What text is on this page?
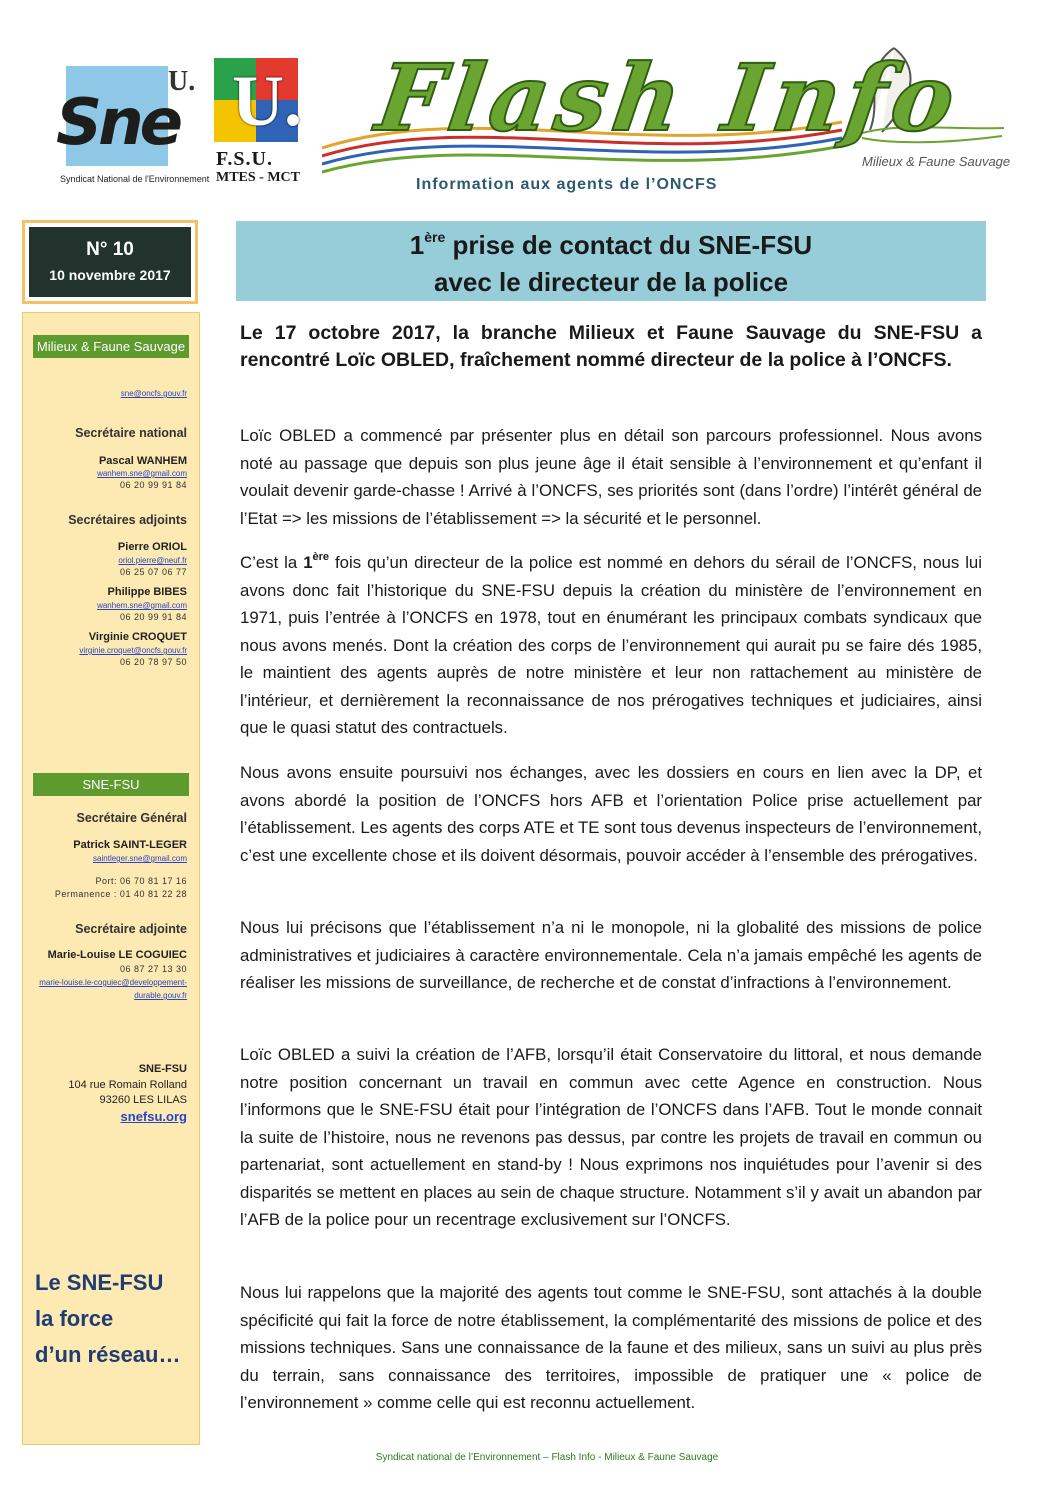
Sne
U.
Syndicat National de l'Environnement
U.
F.S.U.
MTES - MCT
Flash Info
Milieux & Faune Sauvage
Information aux agents de l’ONCFS
N° 10
10 novembre 2017
Milieux & Faune Sauvage
sne@oncfs.gouv.fr
Secrétaire national
Pascal WANHEM
wanhem.sne@gmail.com
06 20 99 91 84
Secrétaires adjoints
Pierre ORIOL
oriol.pierre@neuf.fr
06 25 07 06 77
Philippe BIBES
wanhem.sne@gmail.com
06 20 99 91 84
Virginie CROQUET
virginie.croquet@oncfs.gouv.fr
06 20 78 97 50
SNE-FSU
Secrétaire Général
Patrick SAINT-LEGER
saintleger.sne@gmail.com
Port: 06 70 81 17 16
Permanence : 01 40 81 22 28
Secrétaire adjointe
Marie-Louise LE COGUIEC
06 87 27 13 30
marie-louise.le-coguiec@developpement-
durable.gouv.fr
SNE-FSU
104 rue Romain Rolland
93260 LES LILAS
snefsu.org
Le SNE-FSU
la force
d’un réseau…
1ère prise de contact du SNE-FSU
avec le directeur de la police
Le 17 octobre 2017, la branche Milieux et Faune Sauvage du SNE-FSU a rencontré Loïc OBLED, fraîchement nommé directeur de la police à l’ONCFS.
Loïc OBLED a commencé par présenter plus en détail son parcours professionnel. Nous avons noté au passage que depuis son plus jeune âge il était sensible à l’environnement et qu’enfant il voulait devenir garde-chasse ! Arrivé à l’ONCFS, ses priorités sont (dans l’ordre) l’intérêt général de l’Etat => les missions de l’établissement => la sécurité et le personnel.
C’est la 1ère fois qu’un directeur de la police est nommé en dehors du sérail de l’ONCFS, nous lui avons donc fait l’historique du SNE-FSU depuis la création du ministère de l’environnement en 1971, puis l’entrée à l’ONCFS en 1978, tout en énumérant les principaux combats syndicaux que nous avons menés. Dont la création des corps de l’environnement qui aurait pu se faire dés 1985, le maintient des agents auprès de notre ministère et leur non rattachement au ministère de l’intérieur, et dernièrement la reconnaissance de nos prérogatives techniques et judiciaires, ainsi que le quasi statut des contractuels.
Nous avons ensuite poursuivi nos échanges, avec les dossiers en cours en lien avec la DP, et avons abordé la position de l’ONCFS hors AFB et l’orientation Police prise actuellement par l’établissement. Les agents des corps ATE et TE sont tous devenus inspecteurs de l’environnement, c’est une excellente chose et ils doivent désormais, pouvoir accéder à l’ensemble des prérogatives.
Nous lui précisons que l’établissement n’a ni le monopole, ni la globalité des missions de police administratives et judiciaires à caractère environnementale. Cela n’a jamais empêché les agents de réaliser les missions de surveillance, de recherche et de constat d’infractions à l’environnement.
Loïc OBLED a suivi la création de l’AFB, lorsqu’il était Conservatoire du littoral, et nous demande notre position concernant un travail en commun avec cette Agence en construction. Nous l’informons que le SNE-FSU était pour l’intégration de l’ONCFS dans l’AFB. Tout le monde connait la suite de l’histoire, nous ne revenons pas dessus, par contre les projets de travail en commun ou partenariat, sont actuellement en stand-by ! Nous exprimons nos inquiétudes pour l’avenir si des disparités se mettent en places au sein de chaque structure. Notamment s’il y avait un abandon par l’AFB de la police pour un recentrage exclusivement sur l’ONCFS.
Nous lui rappelons que la majorité des agents tout comme le SNE-FSU, sont attachés à la double spécificité qui fait la force de notre établissement, la complémentarité des missions de police et des missions techniques. Sans une connaissance de la faune et des milieux, sans un suivi au plus près du terrain, sans connaissance des territoires, impossible de pratiquer une « police de l’environnement » comme celle qui est reconnu actuellement.
Syndicat national de l’Environnement – Flash Info - Milieux & Faune Sauvage
